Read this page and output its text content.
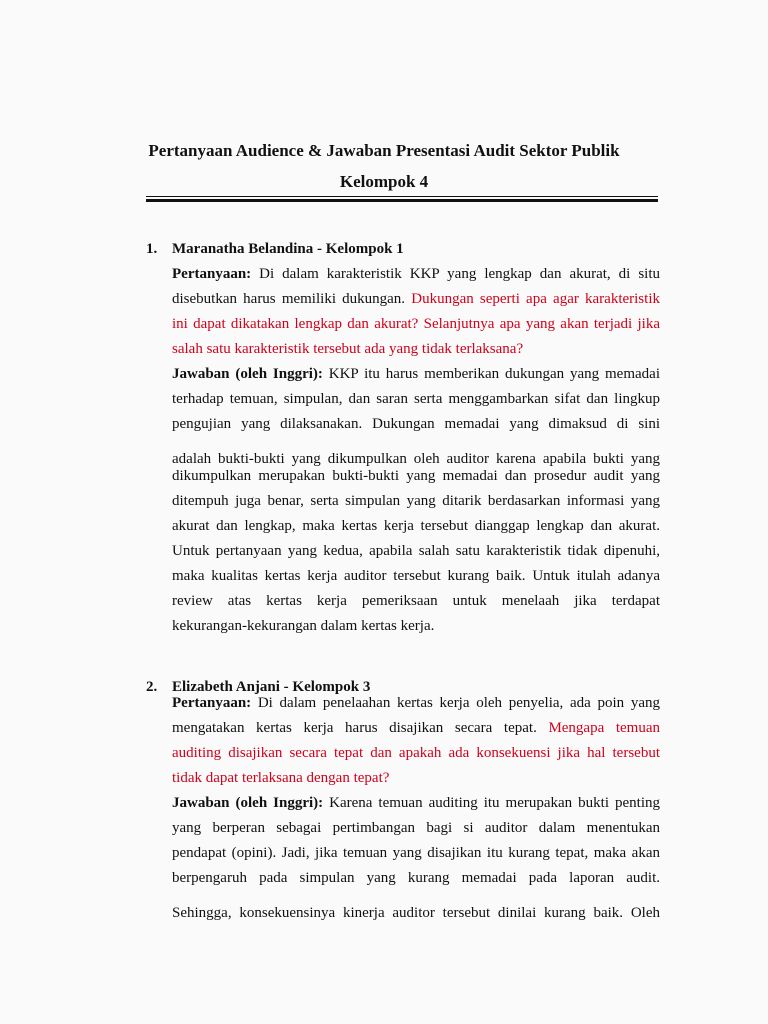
Pertanyaan Audience & Jawaban Presentasi Audit Sektor Publik
Kelompok 4
1. Maranatha Belandina - Kelompok 1
Pertanyaan: Di dalam karakteristik KKP yang lengkap dan akurat, di situ
disebutkan harus memiliki dukungan. Dukungan seperti apa agar karakteristik
ini dapat dikatakan lengkap dan akurat? Selanjutnya apa yang akan terjadi jika
salah satu karakteristik tersebut ada yang tidak terlaksana?
Jawaban (oleh Inggri): KKP itu harus memberikan dukungan yang memadai
terhadap temuan, simpulan, dan saran serta menggambarkan sifat dan lingkup
pengujian yang dilaksanakan. Dukungan memadai yang dimaksud di sini
adalah bukti-bukti yang dikumpulkan oleh auditor karena apabila bukti yang
dikumpulkan merupakan bukti-bukti yang memadai dan prosedur audit yang
ditempuh juga benar, serta simpulan yang ditarik berdasarkan informasi yang
akurat dan lengkap, maka kertas kerja tersebut dianggap lengkap dan akurat.
Untuk pertanyaan yang kedua, apabila salah satu karakteristik tidak dipenuhi,
maka kualitas kertas kerja auditor tersebut kurang baik. Untuk itulah adanya
review atas kertas kerja pemeriksaan untuk menelaah jika terdapat
kekurangan-kekurangan dalam kertas kerja.
2. Elizabeth Anjani - Kelompok 3
Pertanyaan: Di dalam penelaahan kertas kerja oleh penyelia, ada poin yang
mengatakan kertas kerja harus disajikan secara tepat. Mengapa temuan
auditing disajikan secara tepat dan apakah ada konsekuensi jika hal tersebut
tidak dapat terlaksana dengan tepat?
Jawaban (oleh Inggri): Karena temuan auditing itu merupakan bukti penting
yang berperan sebagai pertimbangan bagi si auditor dalam menentukan
pendapat (opini). Jadi, jika temuan yang disajikan itu kurang tepat, maka akan
berpengaruh pada simpulan yang kurang memadai pada laporan audit.
Sehingga, konsekuensinya kinerja auditor tersebut dinilai kurang baik. Oleh
